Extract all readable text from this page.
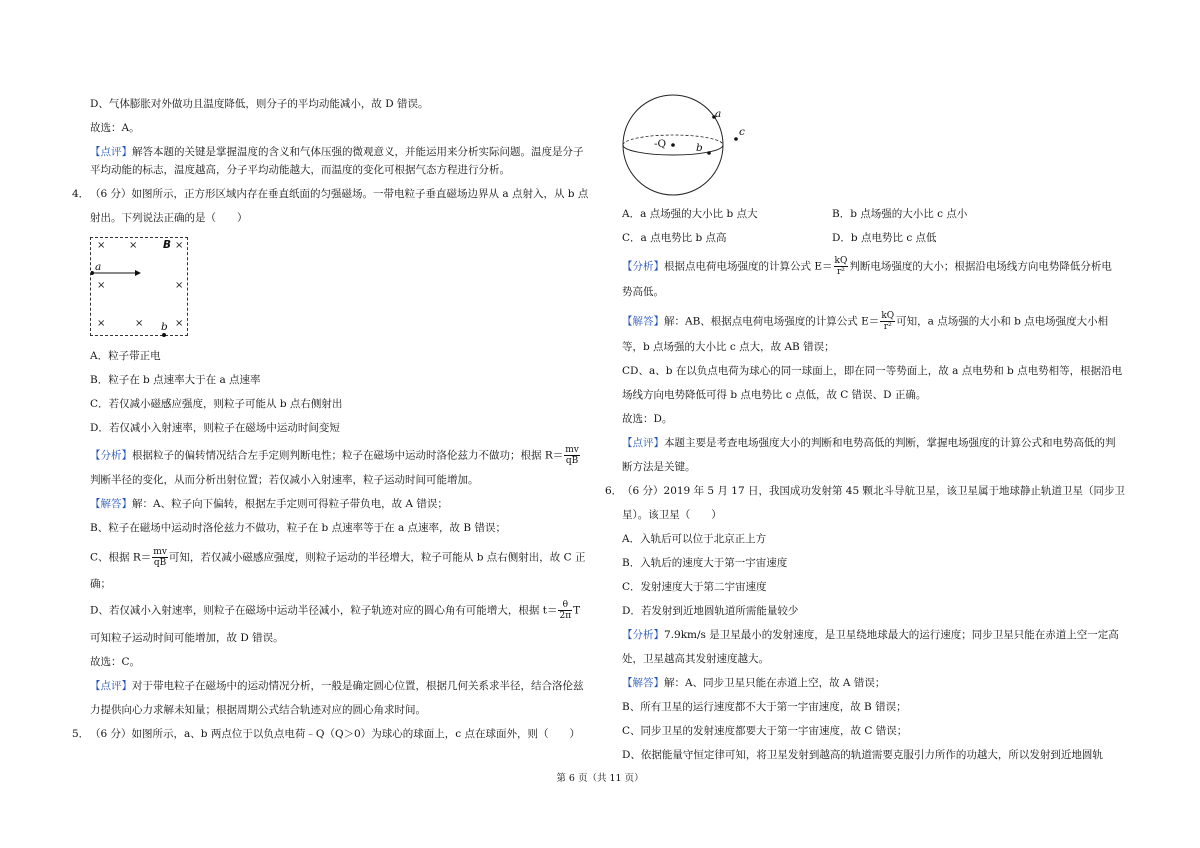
D、气体膨胀对外做功且温度降低，则分子的平均动能减小，故 D 错误。
故选：A。
【点评】解答本题的关键是掌握温度的含义和气体压强的微观意义，并能运用来分析实际问题。温度是分子
平均动能的标志，温度越高，分子平均动能越大，而温度的变化可根据气态方程进行分析。
4． （6 分）如图所示，正方形区域内存在垂直纸面的匀强磁场。一带电粒子垂直磁场边界从 a 点射入，从 b 点
射出。下列说法正确的是（　　）
× ×	×
B
a
×	×
×	×	×
b
A．粒子带正电
B．粒子在 b 点速率大于在 a 点速率
C．若仅减小磁感应强度，则粒子可能从 b 点右侧射出
D．若仅减小入射速率，则粒子在磁场中运动时间变短
【分析】根据粒子的偏转情况结合左手定则判断电性；粒子在磁场中运动时洛伦兹力不做功；根据 $R= \frac{mv}{qB}$
判断半径的变化，从而分析出射位置；若仅减小入射速率，粒子运动时间可能增加。
【解答】解：A、粒子向下偏转，根据左手定则可得粒子带负电，故 A 错误；
B、粒子在磁场中运动时洛伦兹力不做功，粒子在 b 点速率等于在 a 点速率，故 B 错误；
C、根据 $R= \frac{mv}{qB}$ 可知，若仅减小磁感应强度，则粒子运动的半径增大，粒子可能从 b 点右侧射出，故 C 正
确；
D、若仅减小入射速率，则粒子在磁场中运动半径减小，粒子轨迹对应的圆心角有可能增大，根据 $t= \frac{\theta}{2\pi}$ T
可知粒子运动时间可能增加，故 D 错误。
故选：C。
【点评】对于带电粒子在磁场中的运动情况分析，一般是确定圆心位置，根据几何关系求半径，结合洛伦兹
力提供向心力求解未知量；根据周期公式结合轨迹对应的圆心角求时间。
5． （6 分）如图所示，a、b 两点位于以负点电荷﹣Q（Q＞0）为球心的球面上，c 点在球面外，则（　　）
a
c
b
-Q
A．a 点场强的大小比 b 点大	B．b 点场强的大小比 c 点小
C．a 点电势比 b 点高	D．b 点电势比 c 点低
【分析】根据点电荷电场强度的计算公式 $E= \frac{kQ}{\text{r²}}$ 判断电场强度的大小；根据沿电场线方向电势降低分析电
势高低。
【解答】解：AB、根据点电荷电场强度的计算公式 $E= \frac{kQ}{\text{r²}}$ 可知，a 点场强的大小和 b 点电场强度大小相
等，b 点场强的大小比 c 点大，故 AB 错误；
CD、a、b 在以负点电荷为球心的同一球面上，即在同一等势面上，故 a 点电势和 b 点电势相等，根据沿电
场线方向电势降低可得 b 点电势比 c 点低，故 C 错误、D 正确。
故选：D。
【点评】本题主要是考查电场强度大小的判断和电势高低的判断，掌握电场强度的计算公式和电势高低的判
断方法是关键。
6． （6 分）2019 年 5 月 17 日，我国成功发射第 45 颗北斗导航卫星，该卫星属于地球静止轨道卫星（同步卫
星）。该卫星（　　）
A．入轨后可以位于北京正上方
B．入轨后的速度大于第一宇宙速度
C．发射速度大于第二宇宙速度
D．若发射到近地圆轨道所需能量较少
【分析】7.9km/s 是卫星最小的发射速度，是卫星绕地球最大的运行速度；同步卫星只能在赤道上空一定高
处，卫星越高其发射速度越大。
【解答】解：A、同步卫星只能在赤道上空，故 A 错误；
B、所有卫星的运行速度都不大于第一宇宙速度，故 B 错误；
C、同步卫星的发射速度都要大于第一宇宙速度，故 C 错误；
D、依据能量守恒定律可知，将卫星发射到越高的轨道需要克服引力所作的功越大，所以发射到近地圆轨
第 6 页（共 11 页）
